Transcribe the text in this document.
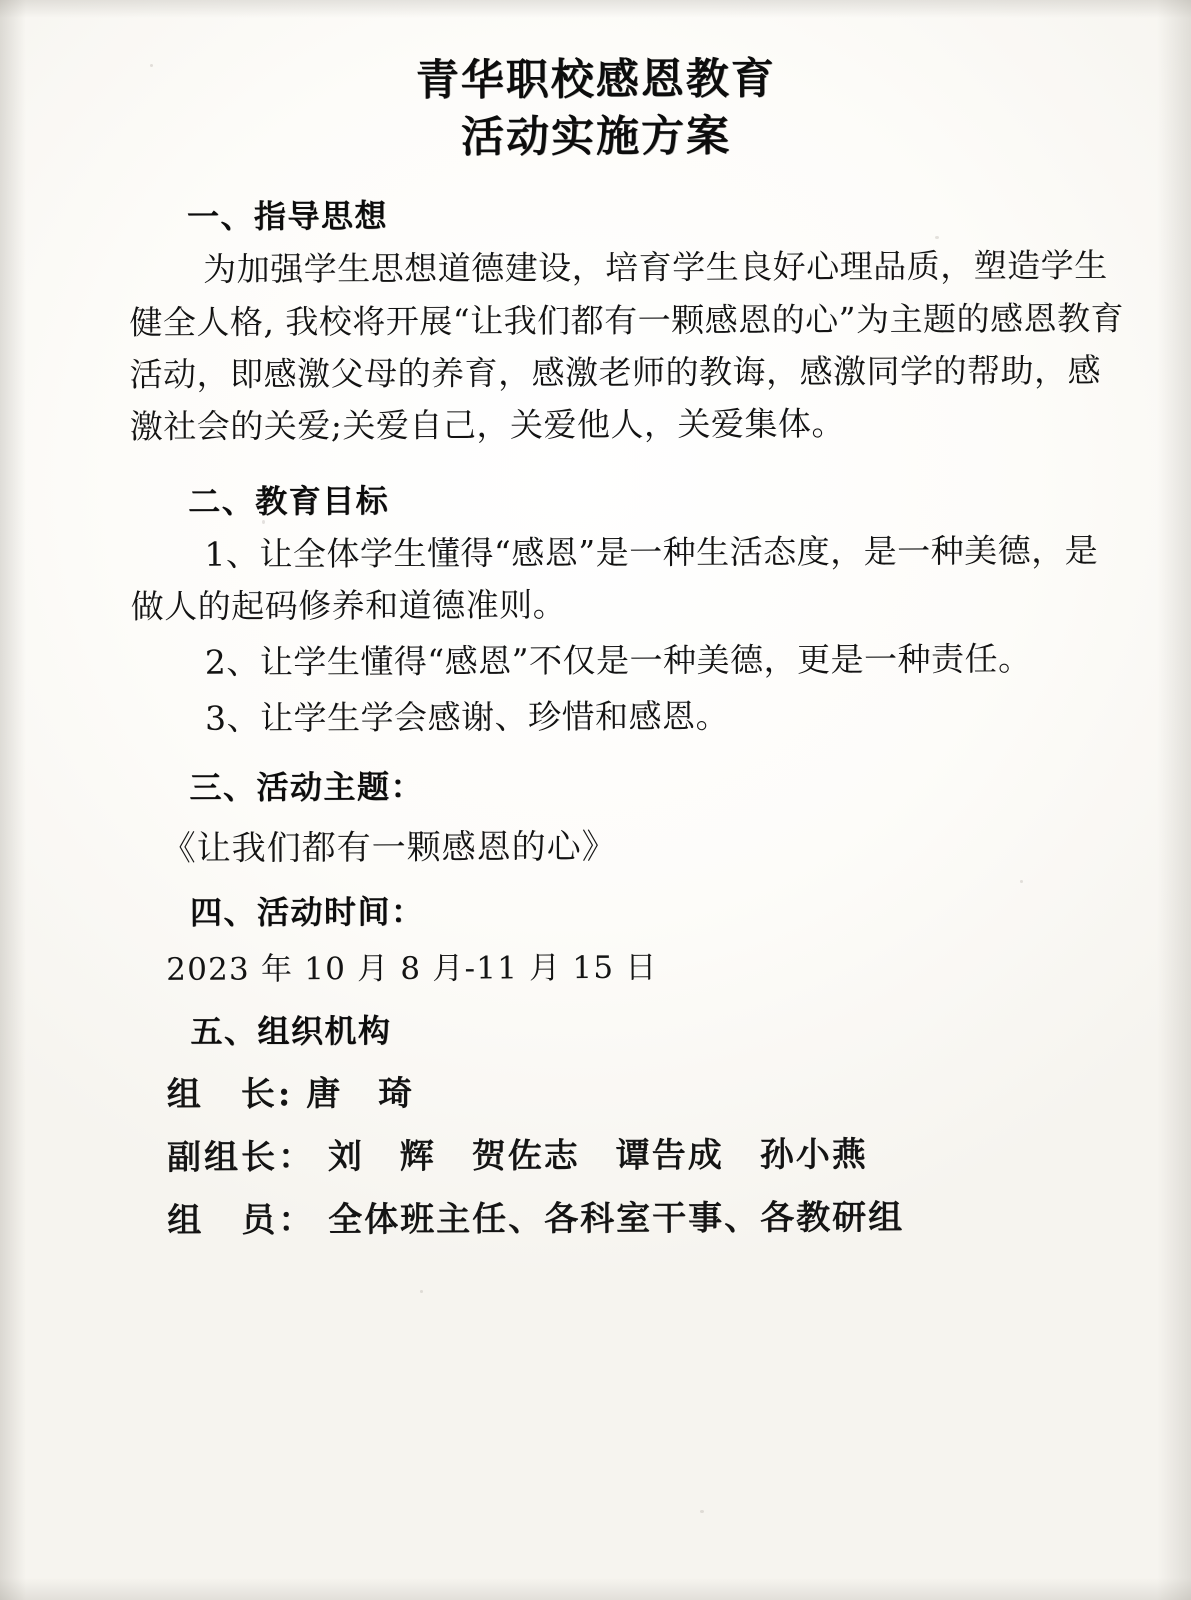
青华职校感恩教育
活动实施方案
一、指导思想

为加强学生思想道德建设，培育学生良好心理品质，塑造学生健全人格, 我校将开展“让我们都有一颗感恩的心”为主题的感恩教育活动，即感激父母的养育，感激老师的教诲，感激同学的帮助，感激社会的关爱;关爱自己，关爱他人，关爱集体。

二、教育目标

1、让全体学生懂得“感恩”是一种生活态度，是一种美德，是做人的起码修养和道德准则。

2、让学生懂得“感恩”不仅是一种美德，更是一种责任。

3、让学生学会感谢、珍惜和感恩。

三、活动主题：
《让我们都有一颗感恩的心》
四、活动时间：
2023 年 10 月 8 月-11 月 15 日
五、组织机构
组　长: 唐　琦
副组长： 刘　辉　贺佐志　谭告成　孙小燕
组　员： 全体班主任、各科室干事、各教研组
